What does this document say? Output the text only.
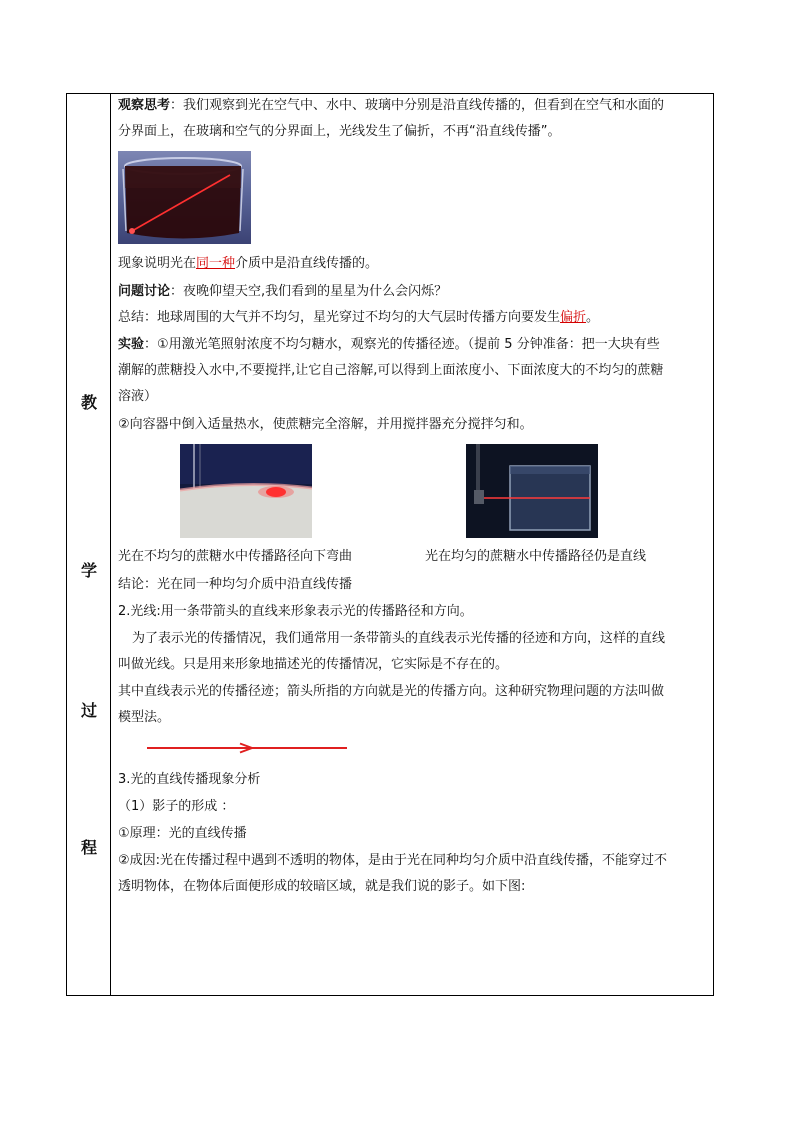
教
学
过
程
观察思考：我们观察到光在空气中、水中、玻璃中分别是沿直线传播的，但看到在空气和水面的
分界面上，在玻璃和空气的分界面上，光线发生了偏折，不再“沿直线传播”。
现象说明光在同一种介质中是沿直线传播的。
问题讨论：夜晚仰望天空,我们看到的星星为什么会闪烁？
总结：地球周围的大气并不均匀，星光穿过不均匀的大气层时传播方向要发生偏折。
实验：①用激光笔照射浓度不均匀糖水，观察光的传播径迹。（提前 5 分钟准备：把一大块有些
潮解的蔗糖投入水中,不要搅拌,让它自己溶解,可以得到上面浓度小、下面浓度大的不均匀的蔗糖
溶液）
②向容器中倒入适量热水，使蔗糖完全溶解，并用搅拌器充分搅拌匀和。
光在不均匀的蔗糖水中传播路径向下弯曲	光在均匀的蔗糖水中传播路径仍是直线
结论：光在同一种均匀介质中沿直线传播
2.光线:用一条带箭头的直线来形象表示光的传播路径和方向。
为了表示光的传播情况，我们通常用一条带箭头的直线表示光传播的径迹和方向，这样的直线
叫做光线。只是用来形象地描述光的传播情况，它实际是不存在的。
其中直线表示光的传播径迹；箭头所指的方向就是光的传播方向。这种研究物理问题的方法叫做
模型法。
3.光的直线传播现象分析
（1）影子的形成 ：
①原理：光的直线传播
②成因:光在传播过程中遇到不透明的物体，是由于光在同种均匀介质中沿直线传播，不能穿过不
透明物体，在物体后面便形成的较暗区域，就是我们说的影子。如下图:
